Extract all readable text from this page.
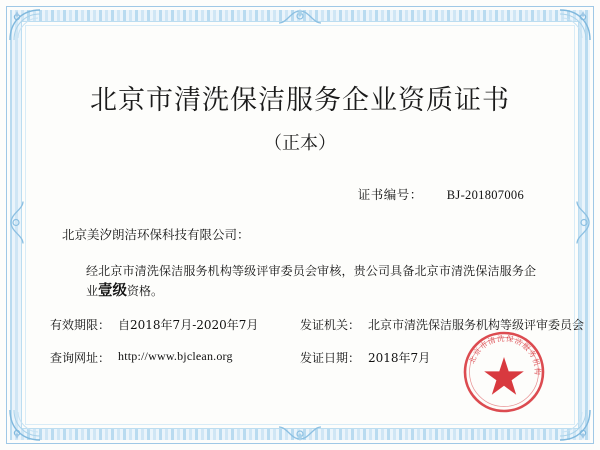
北京市清洗保洁服务企业资质证书
（正本）
证书编号： BJ-201807006
北京美汐朗洁环保科技有限公司：
经北京市清洗保洁服务机构等级评审委员会审核，贵公司具备北京市清洗保洁服务企业壹级资格。
有效期限： 自2018年7月-2020年7月	发证机关： 北京市清洗保洁服务机构等级评审委员会
查询网址： http://www.bjclean.org	发证日期： 2018年7月	北京市清洗保洁服务机构
